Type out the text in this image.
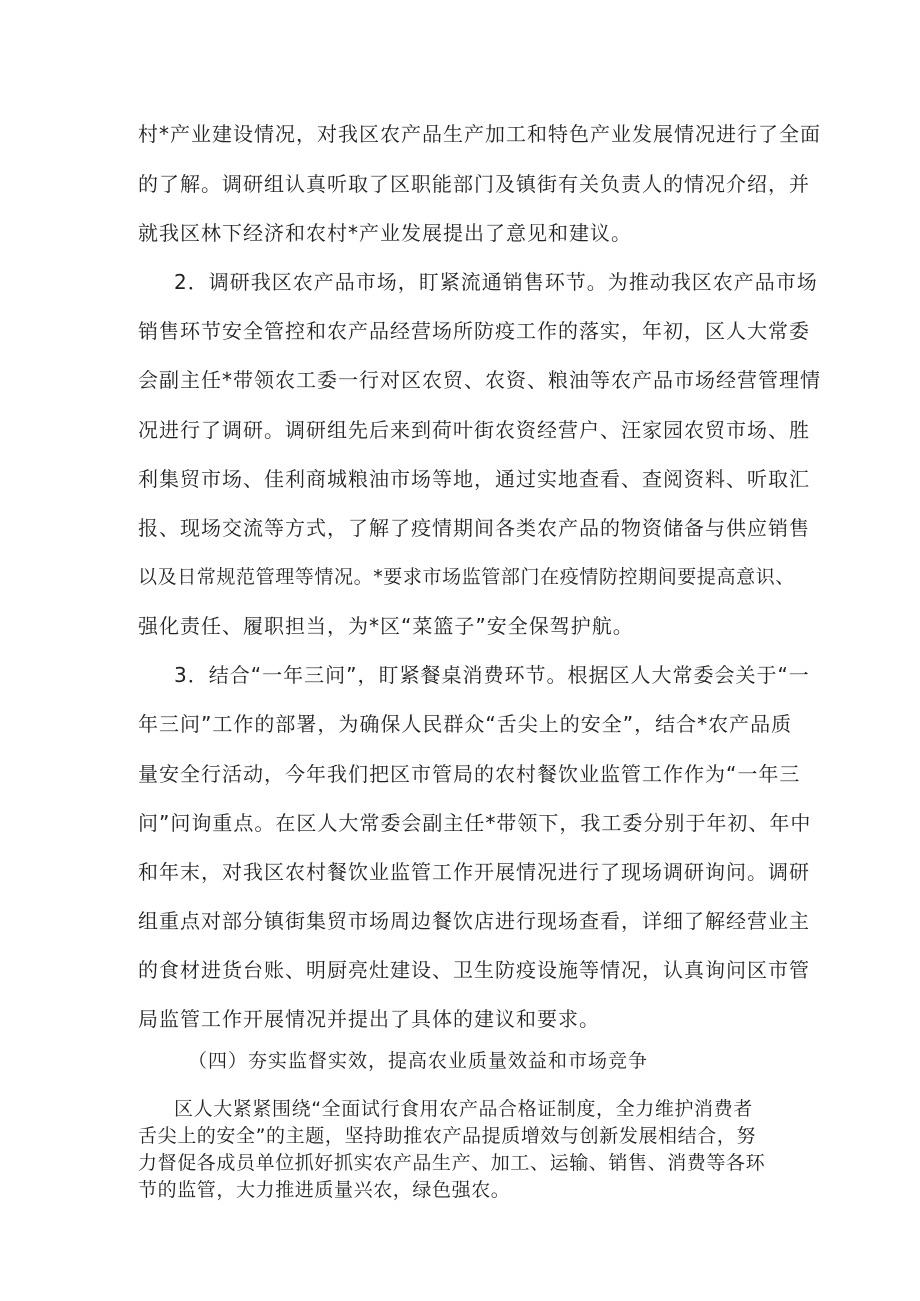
村*产业建设情况，对我区农产品生产加工和特色产业发展情况进行了全面
的了解。调研组认真听取了区职能部门及镇街有关负责人的情况介绍，并
就我区林下经济和农村*产业发展提出了意见和建议。
2．调研我区农产品市场，盯紧流通销售环节。为推动我区农产品市场
销售环节安全管控和农产品经营场所防疫工作的落实，年初，区人大常委
会副主任*带领农工委一行对区农贸、农资、粮油等农产品市场经营管理情
况进行了调研。调研组先后来到荷叶街农资经营户、汪家园农贸市场、胜
利集贸市场、佳利商城粮油市场等地，通过实地查看、查阅资料、听取汇
报、现场交流等方式，了解了疫情期间各类农产品的物资储备与供应销售
以及日常规范管理等情况。*要求市场监管部门在疫情防控期间要提高意识、
强化责任、履职担当，为*区“菜篮子”安全保驾护航。
3．结合“一年三问”，盯紧餐桌消费环节。根据区人大常委会关于“一
年三问”工作的部署，为确保人民群众“舌尖上的安全”，结合*农产品质
量安全行活动，今年我们把区市管局的农村餐饮业监管工作作为“一年三
问”问询重点。在区人大常委会副主任*带领下，我工委分别于年初、年中
和年末，对我区农村餐饮业监管工作开展情况进行了现场调研询问。调研
组重点对部分镇街集贸市场周边餐饮店进行现场查看，详细了解经营业主
的食材进货台账、明厨亮灶建设、卫生防疫设施等情况，认真询问区市管
局监管工作开展情况并提出了具体的建议和要求。
（四）夯实监督实效，提高农业质量效益和市场竞争
区人大紧紧围绕“全面试行食用农产品合格证制度，全力维护消费者
舌尖上的安全”的主题，坚持助推农产品提质增效与创新发展相结合，努
力督促各成员单位抓好抓实农产品生产、加工、运输、销售、消费等各环
节的监管，大力推进质量兴农，绿色强农。
